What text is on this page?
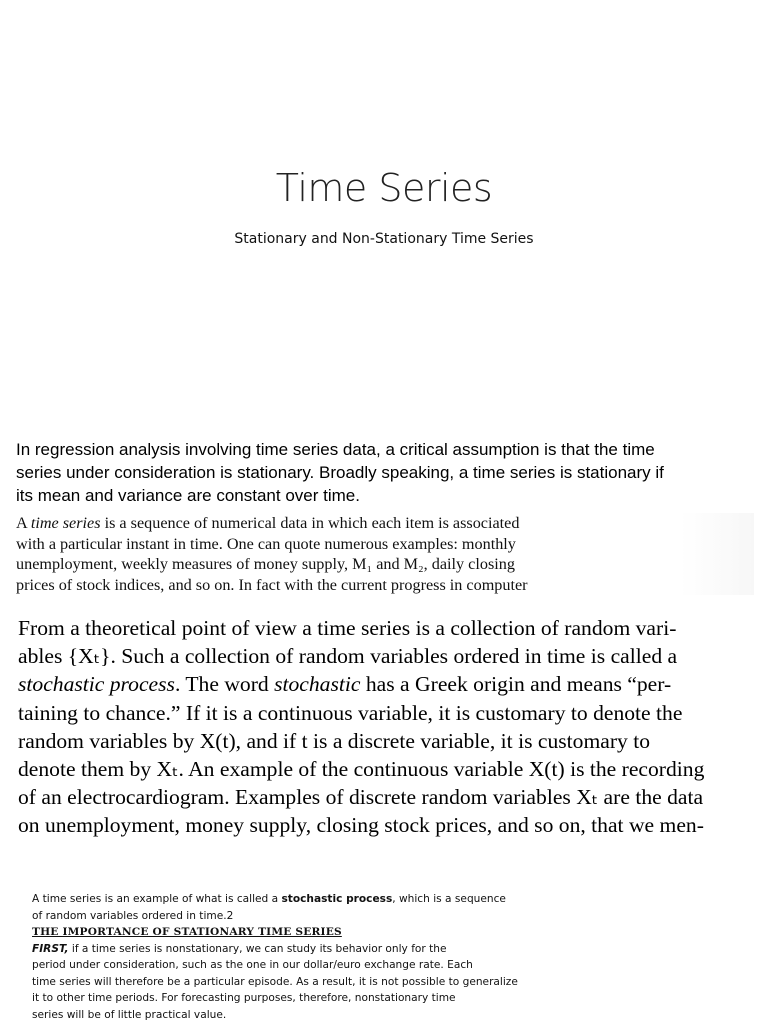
Time Series
Stationary and Non-Stationary Time Series
In regression analysis involving time series data, a critical assumption is that the time
series under consideration is stationary. Broadly speaking, a time series is stationary if
its mean and variance are constant over time.
A time series is a sequence of numerical data in which each item is associated
with a particular instant in time. One can quote numerous examples: monthly
unemployment, weekly measures of money supply, M₁ and M₂, daily closing
prices of stock indices, and so on. In fact with the current progress in computer
From a theoretical point of view a time series is a collection of random vari-
ables {Xₜ}. Such a collection of random variables ordered in time is called a
stochastic process. The word stochastic has a Greek origin and means “per-
taining to chance.” If it is a continuous variable, it is customary to denote the
random variables by X(t), and if t is a discrete variable, it is customary to
denote them by Xₜ. An example of the continuous variable X(t) is the recording
of an electrocardiogram. Examples of discrete random variables Xₜ are the data
on unemployment, money supply, closing stock prices, and so on, that we men-
A time series is an example of what is called a stochastic process, which is a sequence
of random variables ordered in time.2
THE IMPORTANCE OF STATIONARY TIME SERIES
FIRST, if a time series is nonstationary, we can study its behavior only for the
period under consideration, such as the one in our dollar/euro exchange rate. Each
time series will therefore be a particular episode. As a result, it is not possible to generalize
it to other time periods. For forecasting purposes, therefore, nonstationary time
series will be of little practical value.
